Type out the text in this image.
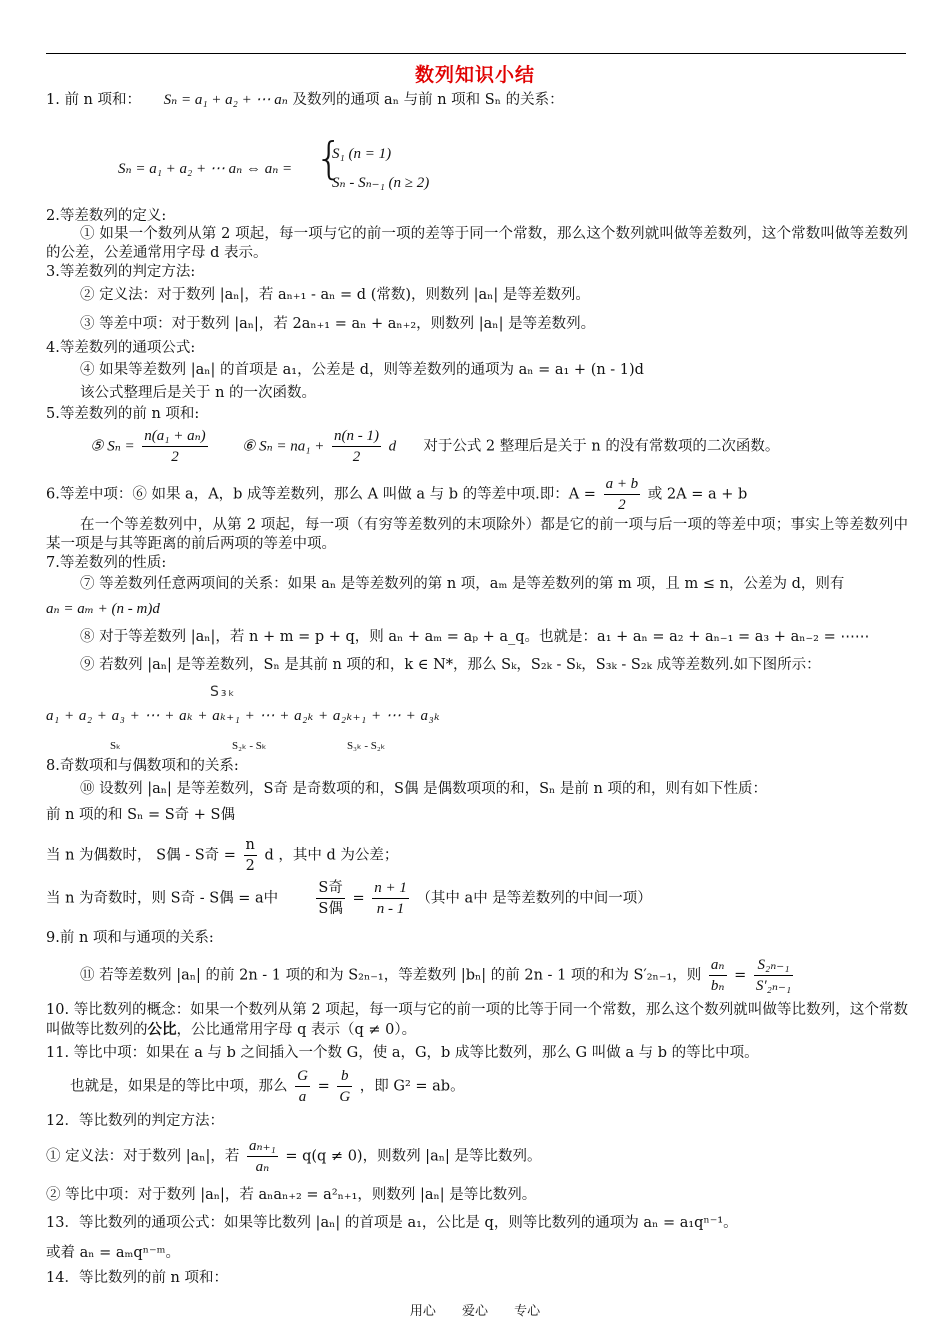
数列知识小结
1. 前 n 项和： Sₙ = a₁ + a₂ + ⋯ aₙ 及数列的通项 aₙ 与前 n 项和 Sₙ 的关系：
Sₙ = a₁ + a₂ + ⋯ aₙ ⇔ aₙ = {
S₁ (n = 1)
Sₙ - Sₙ₋₁ (n ≥ 2)
2.等差数列的定义:
① 如果一个数列从第 2 项起，每一项与它的前一项的差等于同一个常数，那么这个数列就叫做等差数列，这个常数叫做等差数列的公差，公差通常用字母 d 表示。
3.等差数列的判定方法:
② 定义法：对于数列 |aₙ|，若 aₙ₊₁ - aₙ = d (常数)，则数列 |aₙ| 是等差数列。
③ 等差中项：对于数列 |aₙ|，若 2aₙ₊₁ = aₙ + aₙ₊₂，则数列 |aₙ| 是等差数列。
4.等差数列的通项公式:
④ 如果等差数列 |aₙ| 的首项是 a₁，公差是 d，则等差数列的通项为 aₙ = a₁ + (n - 1)d
该公式整理后是关于 n 的一次函数。
5.等差数列的前 n 项和:
⑤ $S_n = \frac{\text{n(a₁ + aₙ)}}{2}$ ⑥ $S_n = na_1 + \frac{n(n - 1)}{2}$ d 对于公式 2 整理后是关于 n 的没有常数项的二次函数。
6.等差中项：⑥ 如果 a，A，b 成等差数列，那么 A 叫做 a 与 b 的等差中项.即：$A = \frac{a + b}{2}$ 或 2A = a + b
在一个等差数列中，从第 2 项起，每一项（有穷等差数列的末项除外）都是它的前一项与后一项的等差中项；事实上等差数列中某一项是与其等距离的前后两项的等差中项。
7.等差数列的性质:
⑦ 等差数列任意两项间的关系：如果 aₙ 是等差数列的第 n 项，aₘ 是等差数列的第 m 项，且 m ≤ n，公差为 d，则有
aₙ = aₘ + (n - m)d
⑧ 对于等差数列 |aₙ|，若 n + m = p + q，则 aₙ + aₘ = aₚ + a_q。也就是：a₁ + aₙ = a₂ + aₙ₋₁ = a₃ + aₙ₋₂ = ⋯⋯
⑨ 若数列 |aₙ| 是等差数列，Sₙ 是其前 n 项的和，k ∈ N*，那么 Sₖ，S₂ₖ - Sₖ，S₃ₖ - S₂ₖ 成等差数列.如下图所示：
S₃ₖ
a₁ + a₂ + a₃ + ⋯ + aₖ + aₖ₊₁ + ⋯ + a₂ₖ + a₂ₖ₊₁ + ⋯ + a₃ₖ
Sₖ	S₂ₖ - Sₖ	S₃ₖ - S₂ₖ
8.奇数项和与偶数项和的关系:
⑩ 设数列 |aₙ| 是等差数列，S奇 是奇数项的和，S偶 是偶数项项的和，Sₙ 是前 n 项的和，则有如下性质：
前 n 项的和 Sₙ = S奇 + S偶
当 n 为偶数时， S偶 - S奇 = $\frac{n}{2}$ d ，其中 d 为公差；
当 n 为奇数时，则 S奇 - S偶 = a中	$\frac{\text{S奇}}{\text{S偶}} = \frac{n + 1}{n - 1}$ （其中 a中 是等差数列的中间一项）
9.前 n 项和与通项的关系:
⑪ 若等差数列 |aₙ| 的前 2n - 1 项的和为 S₂ₙ₋₁，等差数列 |bₙ| 的前 2n - 1 项的和为 S′₂ₙ₋₁，则 $\frac{\text{aₙ}}{\text{bₙ}} = \frac{\text{S₂ₙ₋₁}}{\text{S′₂ₙ₋₁}}$
10. 等比数列的概念：如果一个数列从第 2 项起，每一项与它的前一项的比等于同一个常数，那么这个数列就叫做等比数列，这个常数叫做等比数列的公比，公比通常用字母 q 表示（q ≠ 0）。
11. 等比中项：如果在 a 与 b 之间插入一个数 G，使 a，G，b 成等比数列，那么 G 叫做 a 与 b 的等比中项。
也就是，如果是的等比中项，那么 $\frac{G}{a} = \frac{b}{G}$ ，即 G² = ab。
12．等比数列的判定方法：
① 定义法：对于数列 |aₙ|，若 $\frac{\text{aₙ₊₁}}{\text{aₙ}} = q(q \ne 0)$，则数列 |aₙ| 是等比数列。
② 等比中项：对于数列 |aₙ|，若 aₙaₙ₊₂ = a²ₙ₊₁，则数列 |aₙ| 是等比数列。
13．等比数列的通项公式：如果等比数列 |aₙ| 的首项是 a₁，公比是 q，则等比数列的通项为 aₙ = a₁qⁿ⁻¹。
或着 aₙ = aₘqⁿ⁻ᵐ。
14．等比数列的前 n 项和：
用心 爱心 专心
